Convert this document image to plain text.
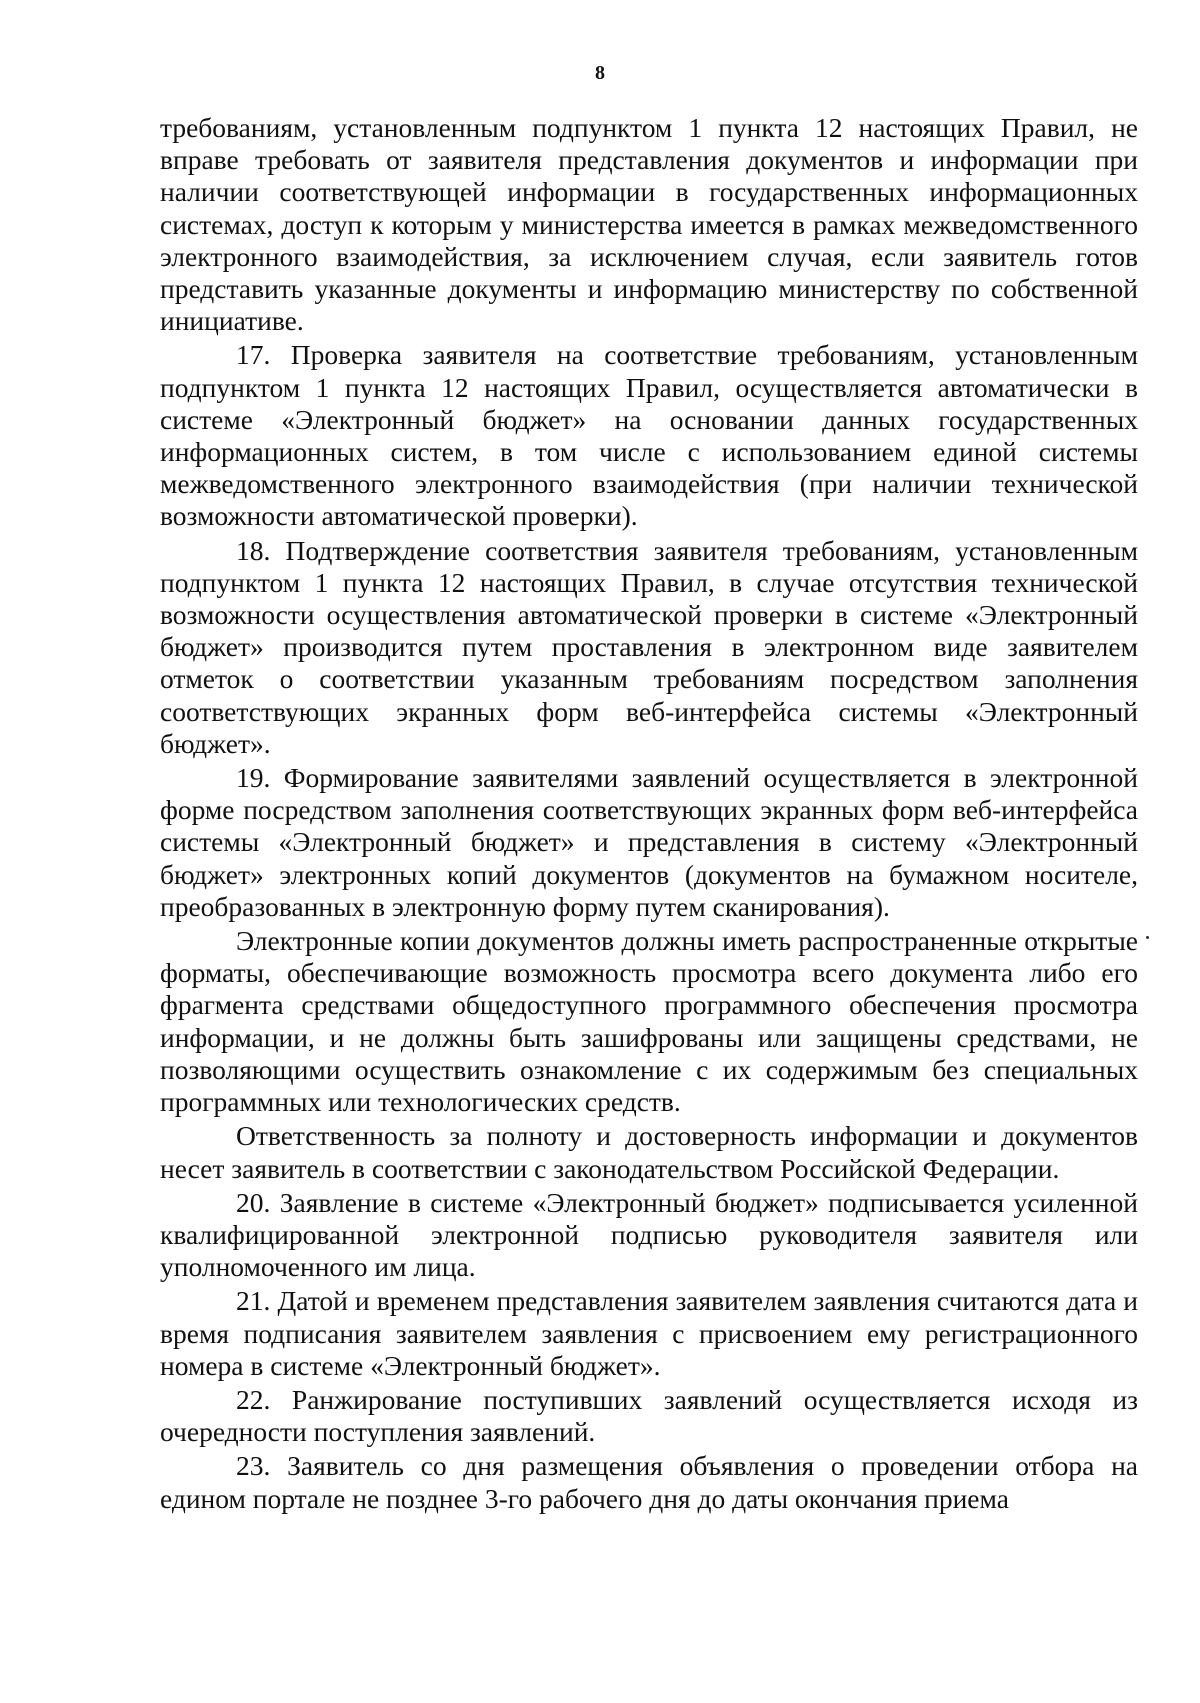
8

требованиям, установленным подпунктом 1 пункта 12 настоящих Правил, не вправе требовать от заявителя представления документов и информации при наличии соответствующей информации в государственных информационных системах, доступ к которым у министерства имеется в рамках межведомственного электронного взаимодействия, за исключением случая, если заявитель готов представить указанные документы и информацию министерству по собственной инициативе.

17. Проверка заявителя на соответствие требованиям, установленным подпунктом 1 пункта 12 настоящих Правил, осуществляется автоматически в системе «Электронный бюджет» на основании данных государственных информационных систем, в том числе с использованием единой системы межведомственного электронного взаимодействия (при наличии технической возможности автоматической проверки).

18. Подтверждение соответствия заявителя требованиям, установленным подпунктом 1 пункта 12 настоящих Правил, в случае отсутствия технической возможности осуществления автоматической проверки в системе «Электронный бюджет» производится путем проставления в электронном виде заявителем отметок о соответствии указанным требованиям посредством заполнения соответствующих экранных форм веб-интерфейса системы «Электронный бюджет».

19. Формирование заявителями заявлений осуществляется в электронной форме посредством заполнения соответствующих экранных форм веб-интерфейса системы «Электронный бюджет» и представления в систему «Электронный бюджет» электронных копий документов (документов на бумажном носителе, преобразованных в электронную форму путем сканирования).

Электронные копии документов должны иметь распространенные открытые форматы, обеспечивающие возможность просмотра всего документа либо его фрагмента средствами общедоступного программного обеспечения просмотра информации, и не должны быть зашифрованы или защищены средствами, не позволяющими осуществить ознакомление с их содержимым без специальных программных или технологических средств.

Ответственность за полноту и достоверность информации и документов несет заявитель в соответствии с законодательством Российской Федерации.

20. Заявление в системе «Электронный бюджет» подписывается усиленной квалифицированной электронной подписью руководителя заявителя или уполномоченного им лица.

21. Датой и временем представления заявителем заявления считаются дата и время подписания заявителем заявления с присвоением ему регистрационного номера в системе «Электронный бюджет».

22. Ранжирование поступивших заявлений осуществляется исходя из очередности поступления заявлений.

23. Заявитель со дня размещения объявления о проведении отбора на едином портале не позднее 3-го рабочего дня до даты окончания приема
